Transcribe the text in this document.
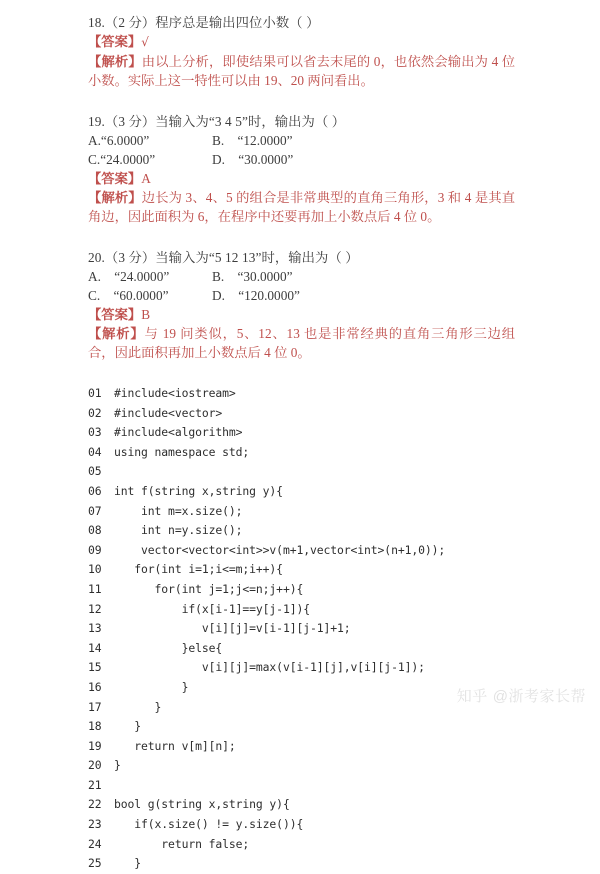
18.（2 分）程序总是输出四位小数（ ）
【答案】√
【解析】由以上分析，即使结果可以省去末尾的 0，也依然会输出为 4 位小数。实际上这一特性可以由 19、20 两问看出。
19.（3 分）当输入为“3 4 5”时，输出为（ ）
A.“6.0000”	B.　“12.0000”
C.“24.0000”	D.　“30.0000”
【答案】A
【解析】边长为 3、4、5 的组合是非常典型的直角三角形，3 和 4 是其直角边，因此面积为 6，在程序中还要再加上小数点后 4 位 0。
20.（3 分）当输入为“5 12 13”时，输出为（ ）
A.　“24.0000”	B.　“30.0000”
C.　“60.0000”	D.　“120.0000”
【答案】B
【解析】与 19 问类似，5、12、13 也是非常经典的直角三角形三边组合，因此面积再加上小数点后 4 位 0。
01	#include<iostream>
02	#include<vector>
03	#include<algorithm>
04	using namespace std;
05
06	int f(string x,string y){
07	int m=x.size();
08	int n=y.size();
09	vector<vector<int>>v(m+1,vector<int>(n+1,0));
10	for(int i=1;i<=m;i++){
11	for(int j=1;j<=n;j++){
12	if(x[i-1]==y[j-1]){
13	v[i][j]=v[i-1][j-1]+1;
14	}else{
15	v[i][j]=max(v[i-1][j],v[i][j-1]);
16	}
17	}
18	}
19	return v[m][n];
20	}
21
22	bool g(string x,string y){
23	if(x.size() != y.size()){
24	return false;
25	}
知乎 @浙考家长帮
